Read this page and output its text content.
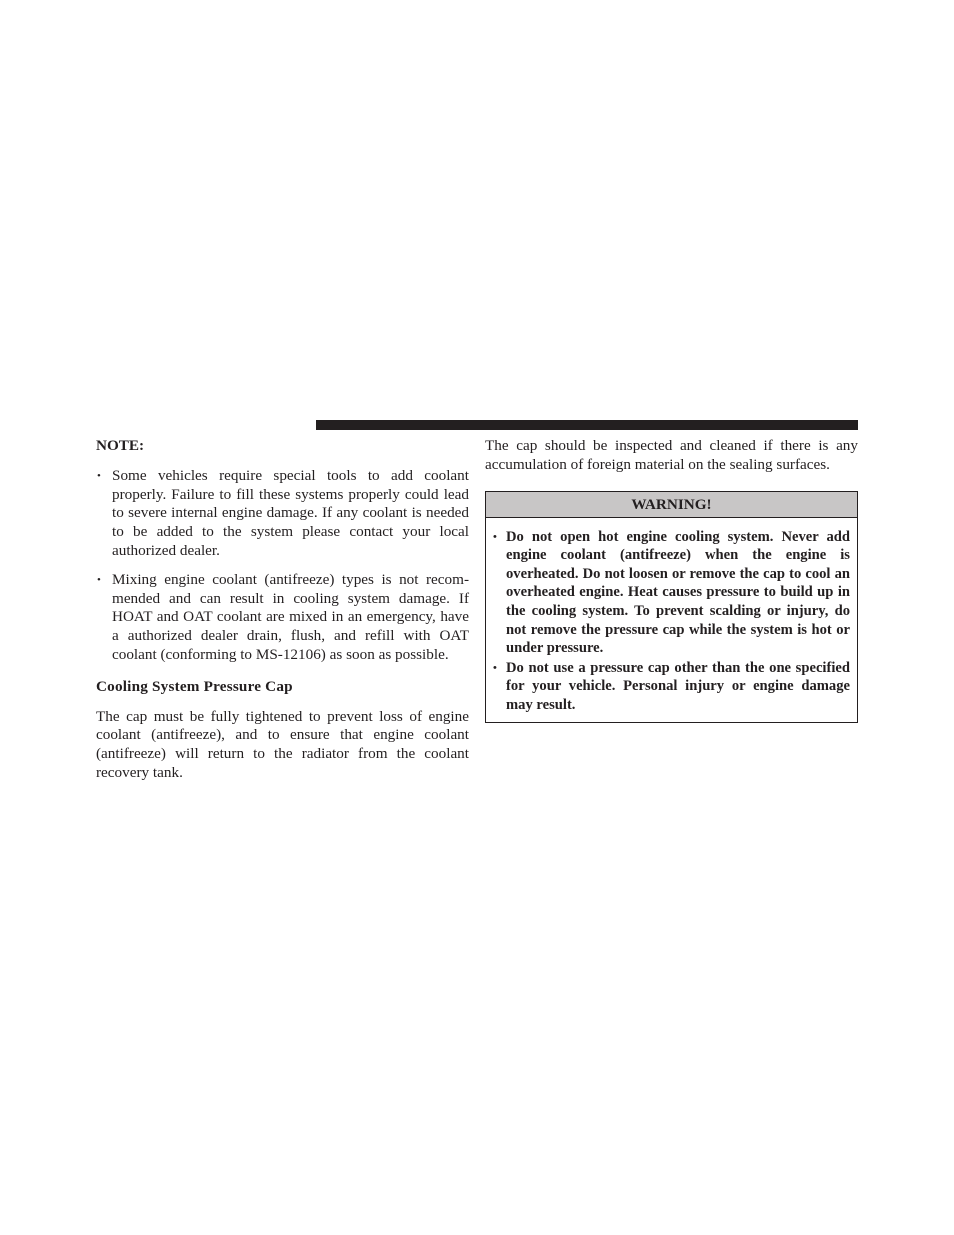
NOTE:
• Some vehicles require special tools to add coolant properly. Failure to fill these systems properly could lead to severe internal engine damage. If any coolant is needed to be added to the system please contact your local authorized dealer.
• Mixing engine coolant (antifreeze) types is not recommended and can result in cooling system damage. If HOAT and OAT coolant are mixed in an emergency, have a authorized dealer drain, flush, and refill with OAT coolant (conforming to MS-12106) as soon as possible.
Cooling System Pressure Cap

The cap must be fully tightened to prevent loss of engine coolant (antifreeze), and to ensure that engine coolant (antifreeze) will return to the radiator from the coolant recovery tank.

The cap should be inspected and cleaned if there is any accumulation of foreign material on the sealing surfaces.

WARNING!
• Do not open hot engine cooling system. Never add engine coolant (antifreeze) when the engine is overheated. Do not loosen or remove the cap to cool an overheated engine. Heat causes pressure to build up in the cooling system. To prevent scalding or injury, do not remove the pressure cap while the system is hot or under pressure.
• Do not use a pressure cap other than the one specified for your vehicle. Personal injury or engine damage may result.
